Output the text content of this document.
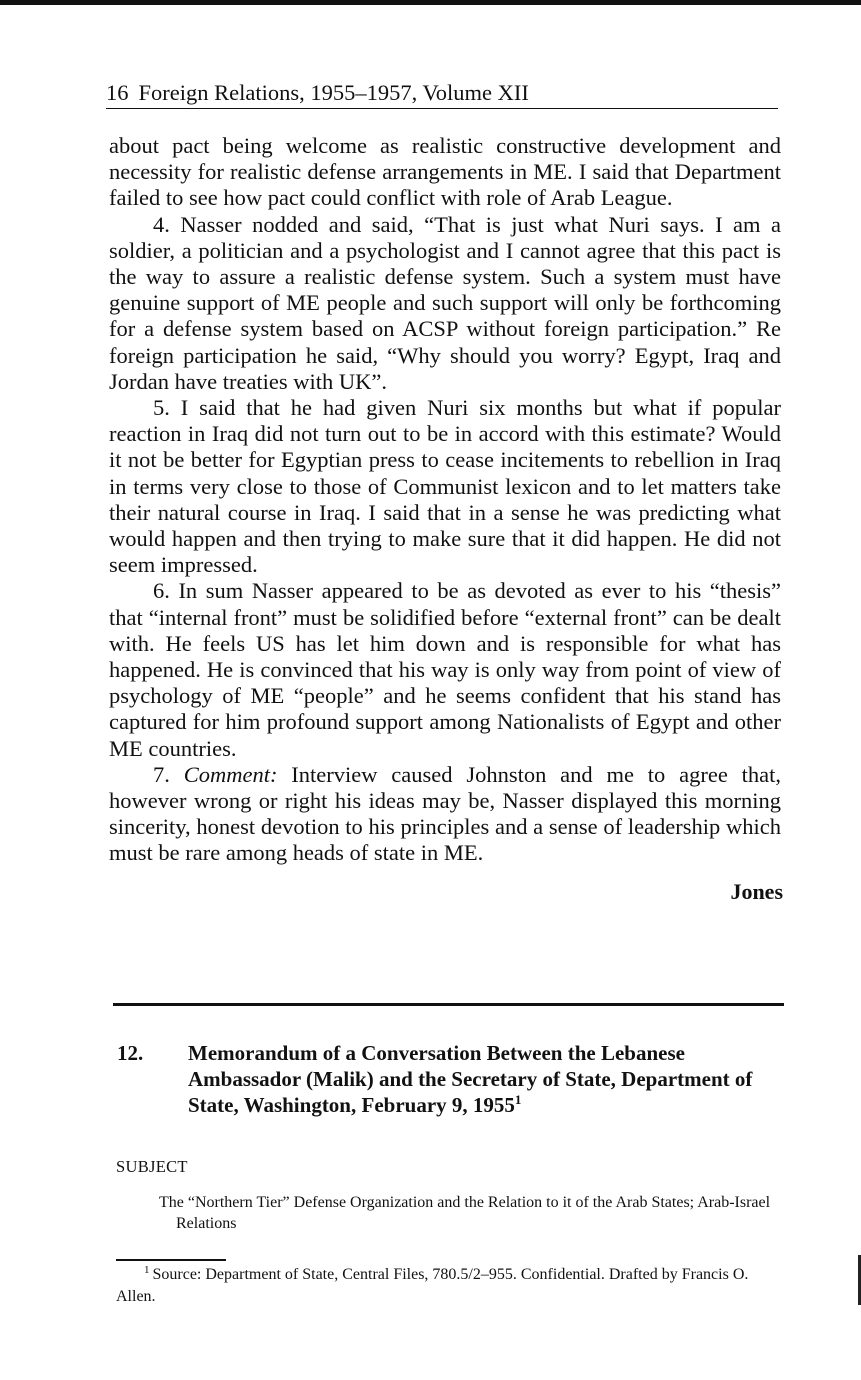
16 Foreign Relations, 1955–1957, Volume XII

about pact being welcome as realistic constructive development and necessity for realistic defense arrangements in ME. I said that Department failed to see how pact could conflict with role of Arab League.

4. Nasser nodded and said, “That is just what Nuri says. I am a soldier, a politician and a psychologist and I cannot agree that this pact is the way to assure a realistic defense system. Such a system must have genuine support of ME people and such support will only be forthcoming for a defense system based on ACSP without foreign participation.” Re foreign participation he said, “Why should you worry? Egypt, Iraq and Jordan have treaties with UK”.

5. I said that he had given Nuri six months but what if popular reaction in Iraq did not turn out to be in accord with this estimate? Would it not be better for Egyptian press to cease incitements to rebellion in Iraq in terms very close to those of Communist lexicon and to let matters take their natural course in Iraq. I said that in a sense he was predicting what would happen and then trying to make sure that it did happen. He did not seem impressed.

6. In sum Nasser appeared to be as devoted as ever to his “thesis” that “internal front” must be solidified before “external front” can be dealt with. He feels US has let him down and is responsible for what has happened. He is convinced that his way is only way from point of view of psychology of ME “people” and he seems confident that his stand has captured for him profound support among Nationalists of Egypt and other ME countries.

7. Comment: Interview caused Johnston and me to agree that, however wrong or right his ideas may be, Nasser displayed this morning sincerity, honest devotion to his principles and a sense of leadership which must be rare among heads of state in ME.

Jones
12. Memorandum of a Conversation Between the Lebanese Ambassador (Malik) and the Secretary of State, Department of State, Washington, February 9, 1955$^1$
SUBJECT
The “Northern Tier” Defense Organization and the Relation to it of the Arab States; Arab-Israel Relations

$^1$ Source: Department of State, Central Files, 780.5/2–955. Confidential. Drafted by Francis O. Allen.
